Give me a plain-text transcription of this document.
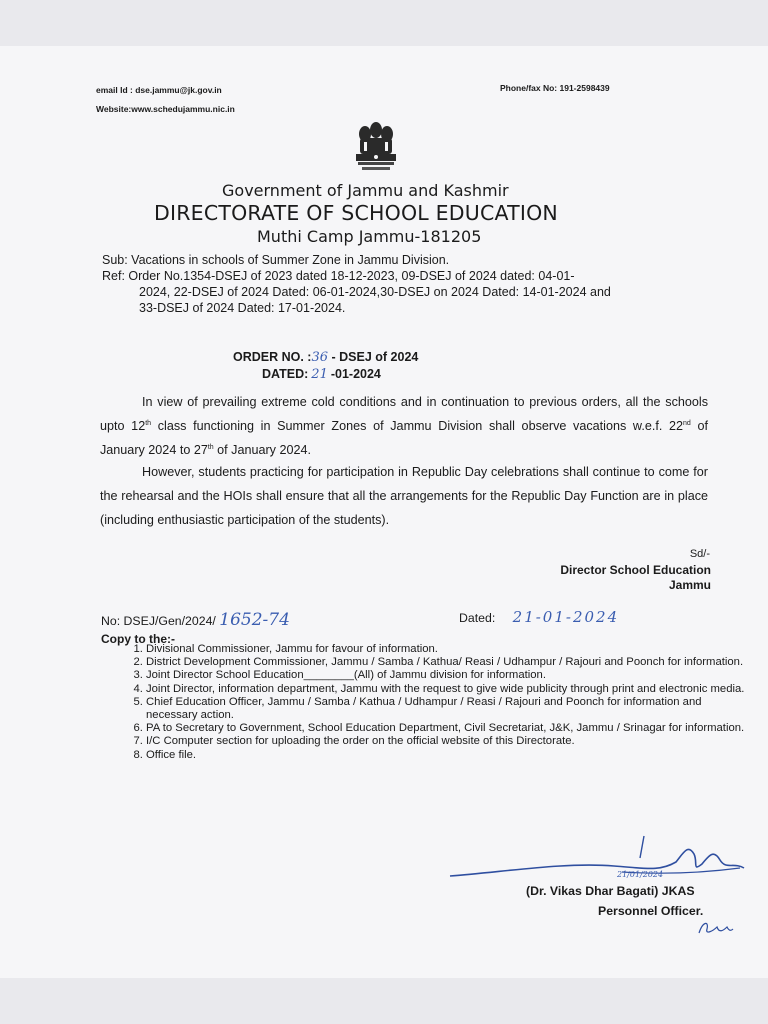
email Id : dse.jammu@jk.gov.in	Phone/fax No: 191-2598439
Website:www.schedujammu.nic.in
Government of Jammu and Kashmir
DIRECTORATE OF SCHOOL EDUCATION
Muthi Camp Jammu-181205
Sub: Vacations in schools of Summer Zone in Jammu Division.
Ref: Order No.1354-DSEJ of 2023 dated 18-12-2023, 09-DSEJ of 2024 dated: 04-01-
2024, 22-DSEJ of 2024 Dated: 06-01-2024,30-DSEJ on 2024 Dated: 14-01-2024 and
33-DSEJ of 2024 Dated: 17-01-2024.
ORDER NO. :36 - DSEJ of 2024
DATED: 21 -01-2024
In view of prevailing extreme cold conditions and in continuation to previous orders, all the schools upto 12th class functioning in Summer Zones of Jammu Division shall observe vacations w.e.f. 22nd of January 2024 to 27th of January 2024.
However, students practicing for participation in Republic Day celebrations shall continue to come for the rehearsal and the HOIs shall ensure that all the arrangements for the Republic Day Function are in place (including enthusiastic participation of the students).
Sd/-
Director School Education
Jammu
No: DSEJ/Gen/2024/ 1652-74	Dated: 21-01-2024
Copy to the:-
1. Divisional Commissioner, Jammu for favour of information.
2. District Development Commissioner, Jammu / Samba / Kathua/ Reasi / Udhampur / Rajouri and Poonch for information.
3. Joint Director School Education________(All) of Jammu division for information.
4. Joint Director, information department, Jammu with the request to give wide publicity through print and electronic media.
5. Chief Education Officer, Jammu / Samba / Kathua / Udhampur / Reasi / Rajouri and Poonch for information and necessary action.
6. PA to Secretary to Government, School Education Department, Civil Secretariat, J&K, Jammu / Srinagar for information.
7. I/C Computer section for uploading the order on the official website of this Directorate.
8. Office file.
21/01/2024
(Dr. Vikas Dhar Bagati) JKAS
Personnel Officer.
